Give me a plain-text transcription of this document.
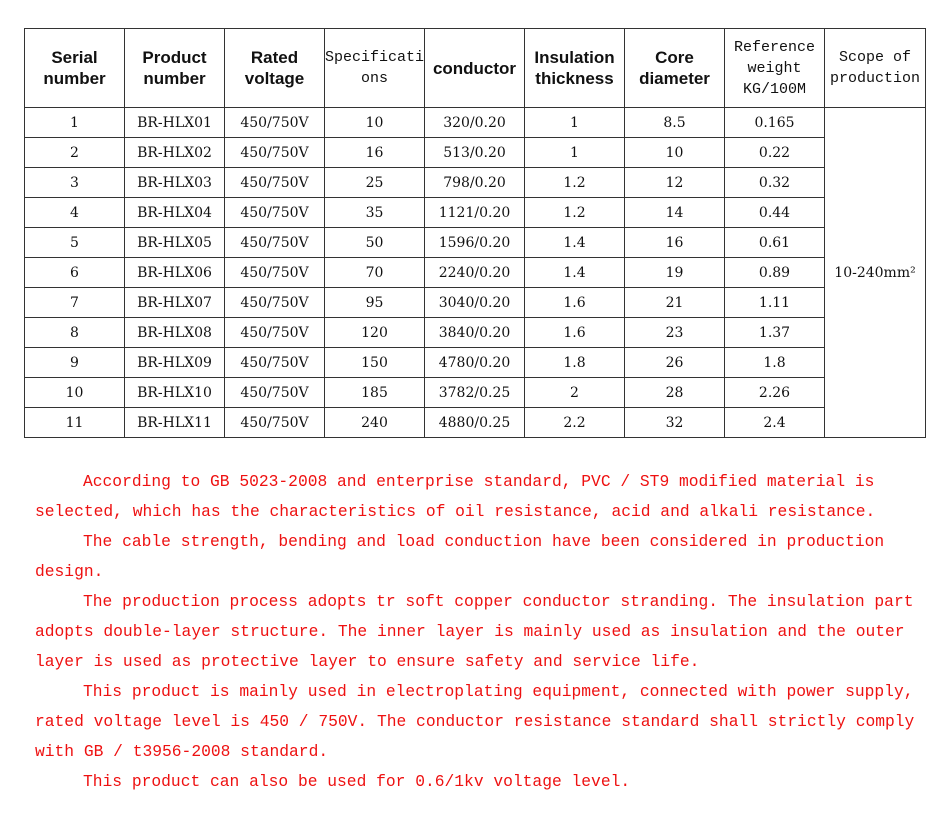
Serial number	Product number	Rated voltage	Specificati ons	conductor	Insulation thickness	Core diameter	Reference weight KG/100M	Scope of production
1	BR-HLX01	450/750V	10	320/0.20	1	8.5	0.165	10-240mm²
2	BR-HLX02	450/750V	16	513/0.20	1	10	0.22	
3	BR-HLX03	450/750V	25	798/0.20	1.2	12	0.32	
4	BR-HLX04	450/750V	35	1121/0.20	1.2	14	0.44	
5	BR-HLX05	450/750V	50	1596/0.20	1.4	16	0.61	
6	BR-HLX06	450/750V	70	2240/0.20	1.4	19	0.89	
7	BR-HLX07	450/750V	95	3040/0.20	1.6	21	1.11	
8	BR-HLX08	450/750V	120	3840/0.20	1.6	23	1.37	
9	BR-HLX09	450/750V	150	4780/0.20	1.8	26	1.8	
10	BR-HLX10	450/750V	185	3782/0.25	2	28	2.26	
11	BR-HLX11	450/750V	240	4880/0.25	2.2	32	2.4	

According to GB 5023-2008 and enterprise standard, PVC / ST9 modified material is selected, which has the characteristics of oil resistance, acid and alkali resistance.

The cable strength, bending and load conduction have been considered in production design.

The production process adopts tr soft copper conductor stranding. The insulation part adopts double-layer structure. The inner layer is mainly used as insulation and the outer layer is used as protective layer to ensure safety and service life.

This product is mainly used in electroplating equipment, connected with power supply, rated voltage level is 450 / 750V. The conductor resistance standard shall strictly comply with GB / t3956-2008 standard.

This product can also be used for 0.6/1kv voltage level.
